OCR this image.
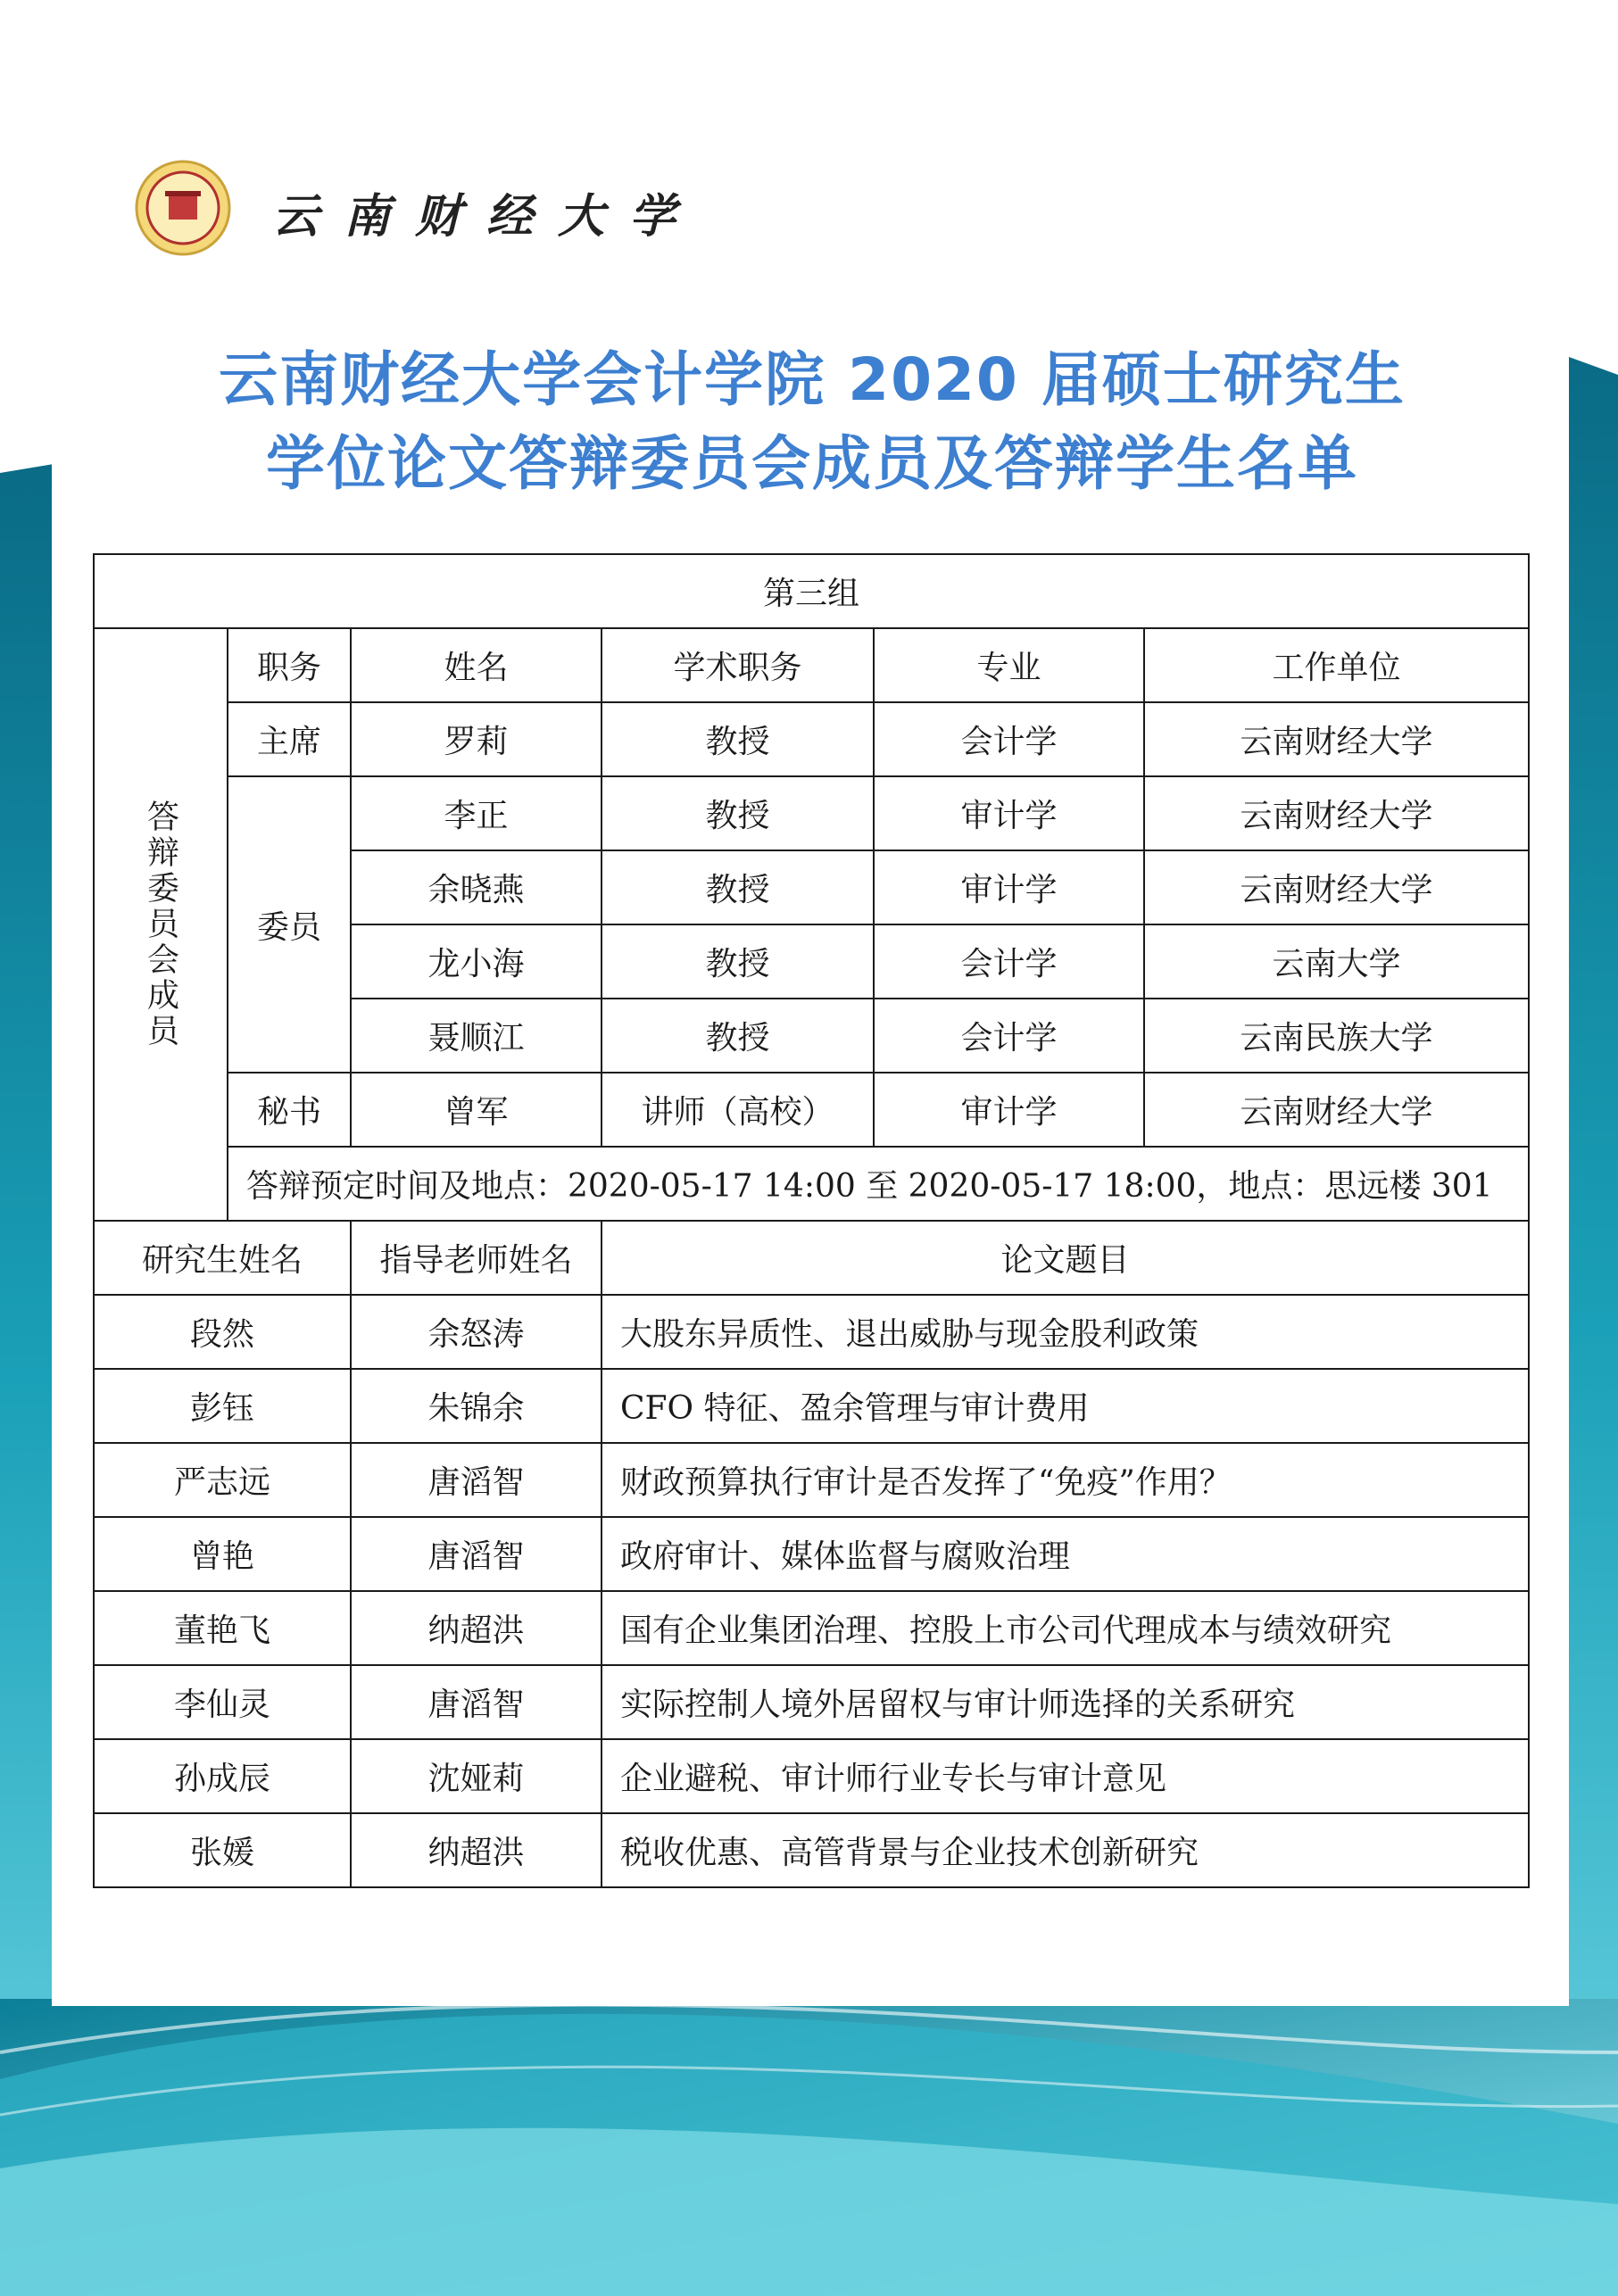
云南财经大学
云南财经大学会计学院 2020 届硕士研究生
学位论文答辩委员会成员及答辩学生名单
第三组					
答辩委员会成员	职务	姓名	学术职务	专业	工作单位
	主席	罗莉	教授	会计学	云南财经大学
	委员	李正	教授	审计学	云南财经大学
		余晓燕	教授	审计学	云南财经大学
		龙小海	教授	会计学	云南大学
		聂顺江	教授	会计学	云南民族大学
	秘书	曾军	讲师（高校）	审计学	云南财经大学
	答辩预定时间及地点：2020-05-17 14:00 至 2020-05-17 18:00，地点：思远楼 301				
研究生姓名		指导老师姓名	论文题目		
段然		余怒涛	大股东异质性、退出威胁与现金股利政策		
彭钰		朱锦余	CFO 特征、盈余管理与审计费用		
严志远		唐滔智	财政预算执行审计是否发挥了“免疫”作用？		
曾艳		唐滔智	政府审计、媒体监督与腐败治理		
董艳飞		纳超洪	国有企业集团治理、控股上市公司代理成本与绩效研究		
李仙灵		唐滔智	实际控制人境外居留权与审计师选择的关系研究		
孙成辰		沈娅莉	企业避税、审计师行业专长与审计意见		
张媛		纳超洪	税收优惠、高管背景与企业技术创新研究		
